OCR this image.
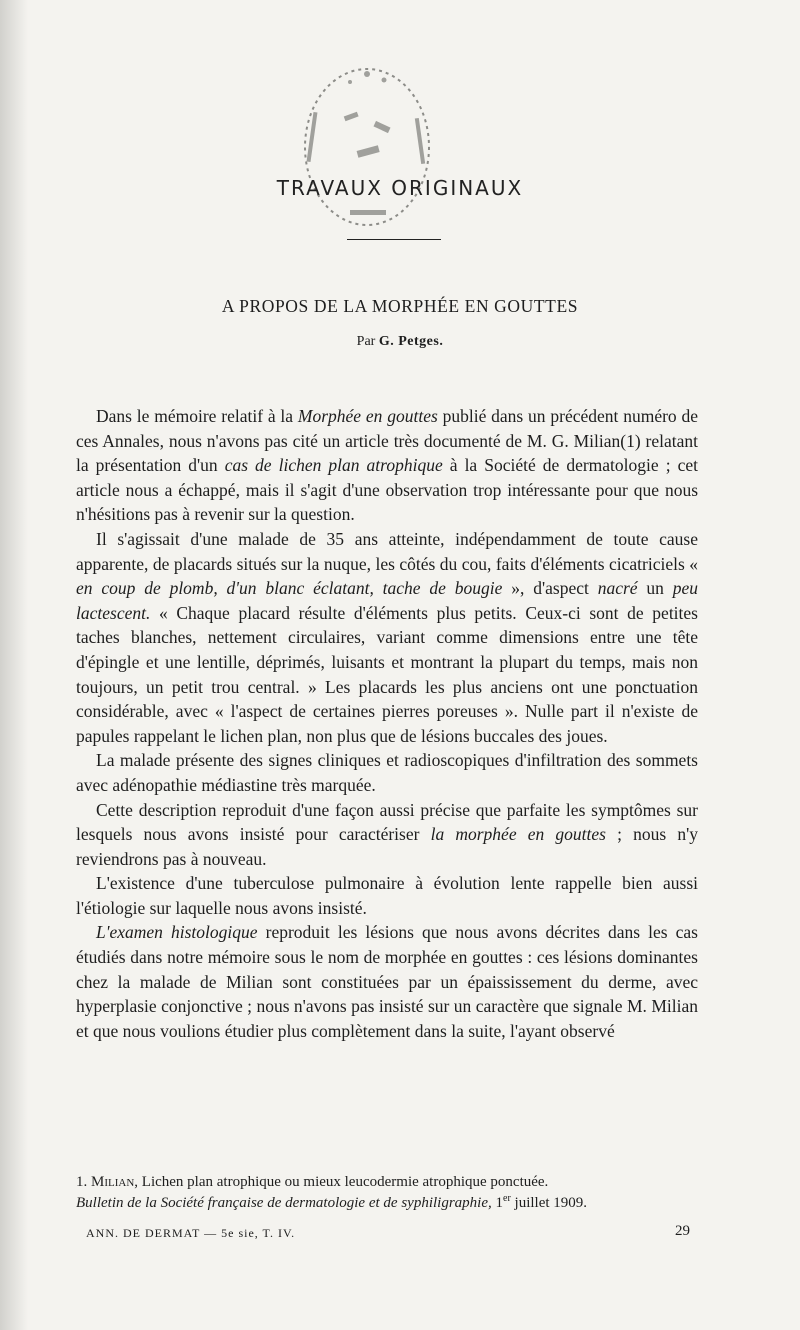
TRAVAUX ORIGINAUX
A PROPOS DE LA MORPHÉE EN GOUTTES
Par G. Petges.

Dans le mémoire relatif à la Morphée en gouttes publié dans un précédent numéro de ces Annales, nous n'avons pas cité un article très documenté de M. G. Milian(1) relatant la présentation d'un cas de lichen plan atrophique à la Société de dermatologie ; cet article nous a échappé, mais il s'agit d'une observation trop intéressante pour que nous n'hésitions pas à revenir sur la question.

Il s'agissait d'une malade de 35 ans atteinte, indépendamment de toute cause apparente, de placards situés sur la nuque, les côtés du cou, faits d'éléments cicatriciels « en coup de plomb, d'un blanc éclatant, tache de bougie », d'aspect nacré un peu lactescent. « Chaque placard résulte d'éléments plus petits. Ceux-ci sont de petites taches blanches, nettement circulaires, variant comme dimensions entre une tête d'épingle et une lentille, déprimés, luisants et montrant la plupart du temps, mais non toujours, un petit trou central. » Les placards les plus anciens ont une ponctuation considérable, avec « l'aspect de certaines pierres poreuses ». Nulle part il n'existe de papules rappelant le lichen plan, non plus que de lésions buccales des joues.

La malade présente des signes cliniques et radioscopiques d'infiltration des sommets avec adénopathie médiastine très marquée.

Cette description reproduit d'une façon aussi précise que parfaite les symptômes sur lesquels nous avons insisté pour caractériser la morphée en gouttes ; nous n'y reviendrons pas à nouveau.

L'existence d'une tuberculose pulmonaire à évolution lente rappelle bien aussi l'étiologie sur laquelle nous avons insisté.

L'examen histologique reproduit les lésions que nous avons décrites dans les cas étudiés dans notre mémoire sous le nom de morphée en gouttes : ces lésions dominantes chez la malade de Milian sont constituées par un épaississement du derme, avec hyperplasie conjonctive ; nous n'avons pas insisté sur un caractère que signale M. Milian et que nous voulions étudier plus complètement dans la suite, l'ayant observé

1. Milian, Lichen plan atrophique ou mieux leucodermie atrophique ponctuée.
Bulletin de la Société française de dermatologie et de syphiligraphie, 1er juillet 1909.

ANN. DE DERMAT — 5e sie, T. IV.	29
